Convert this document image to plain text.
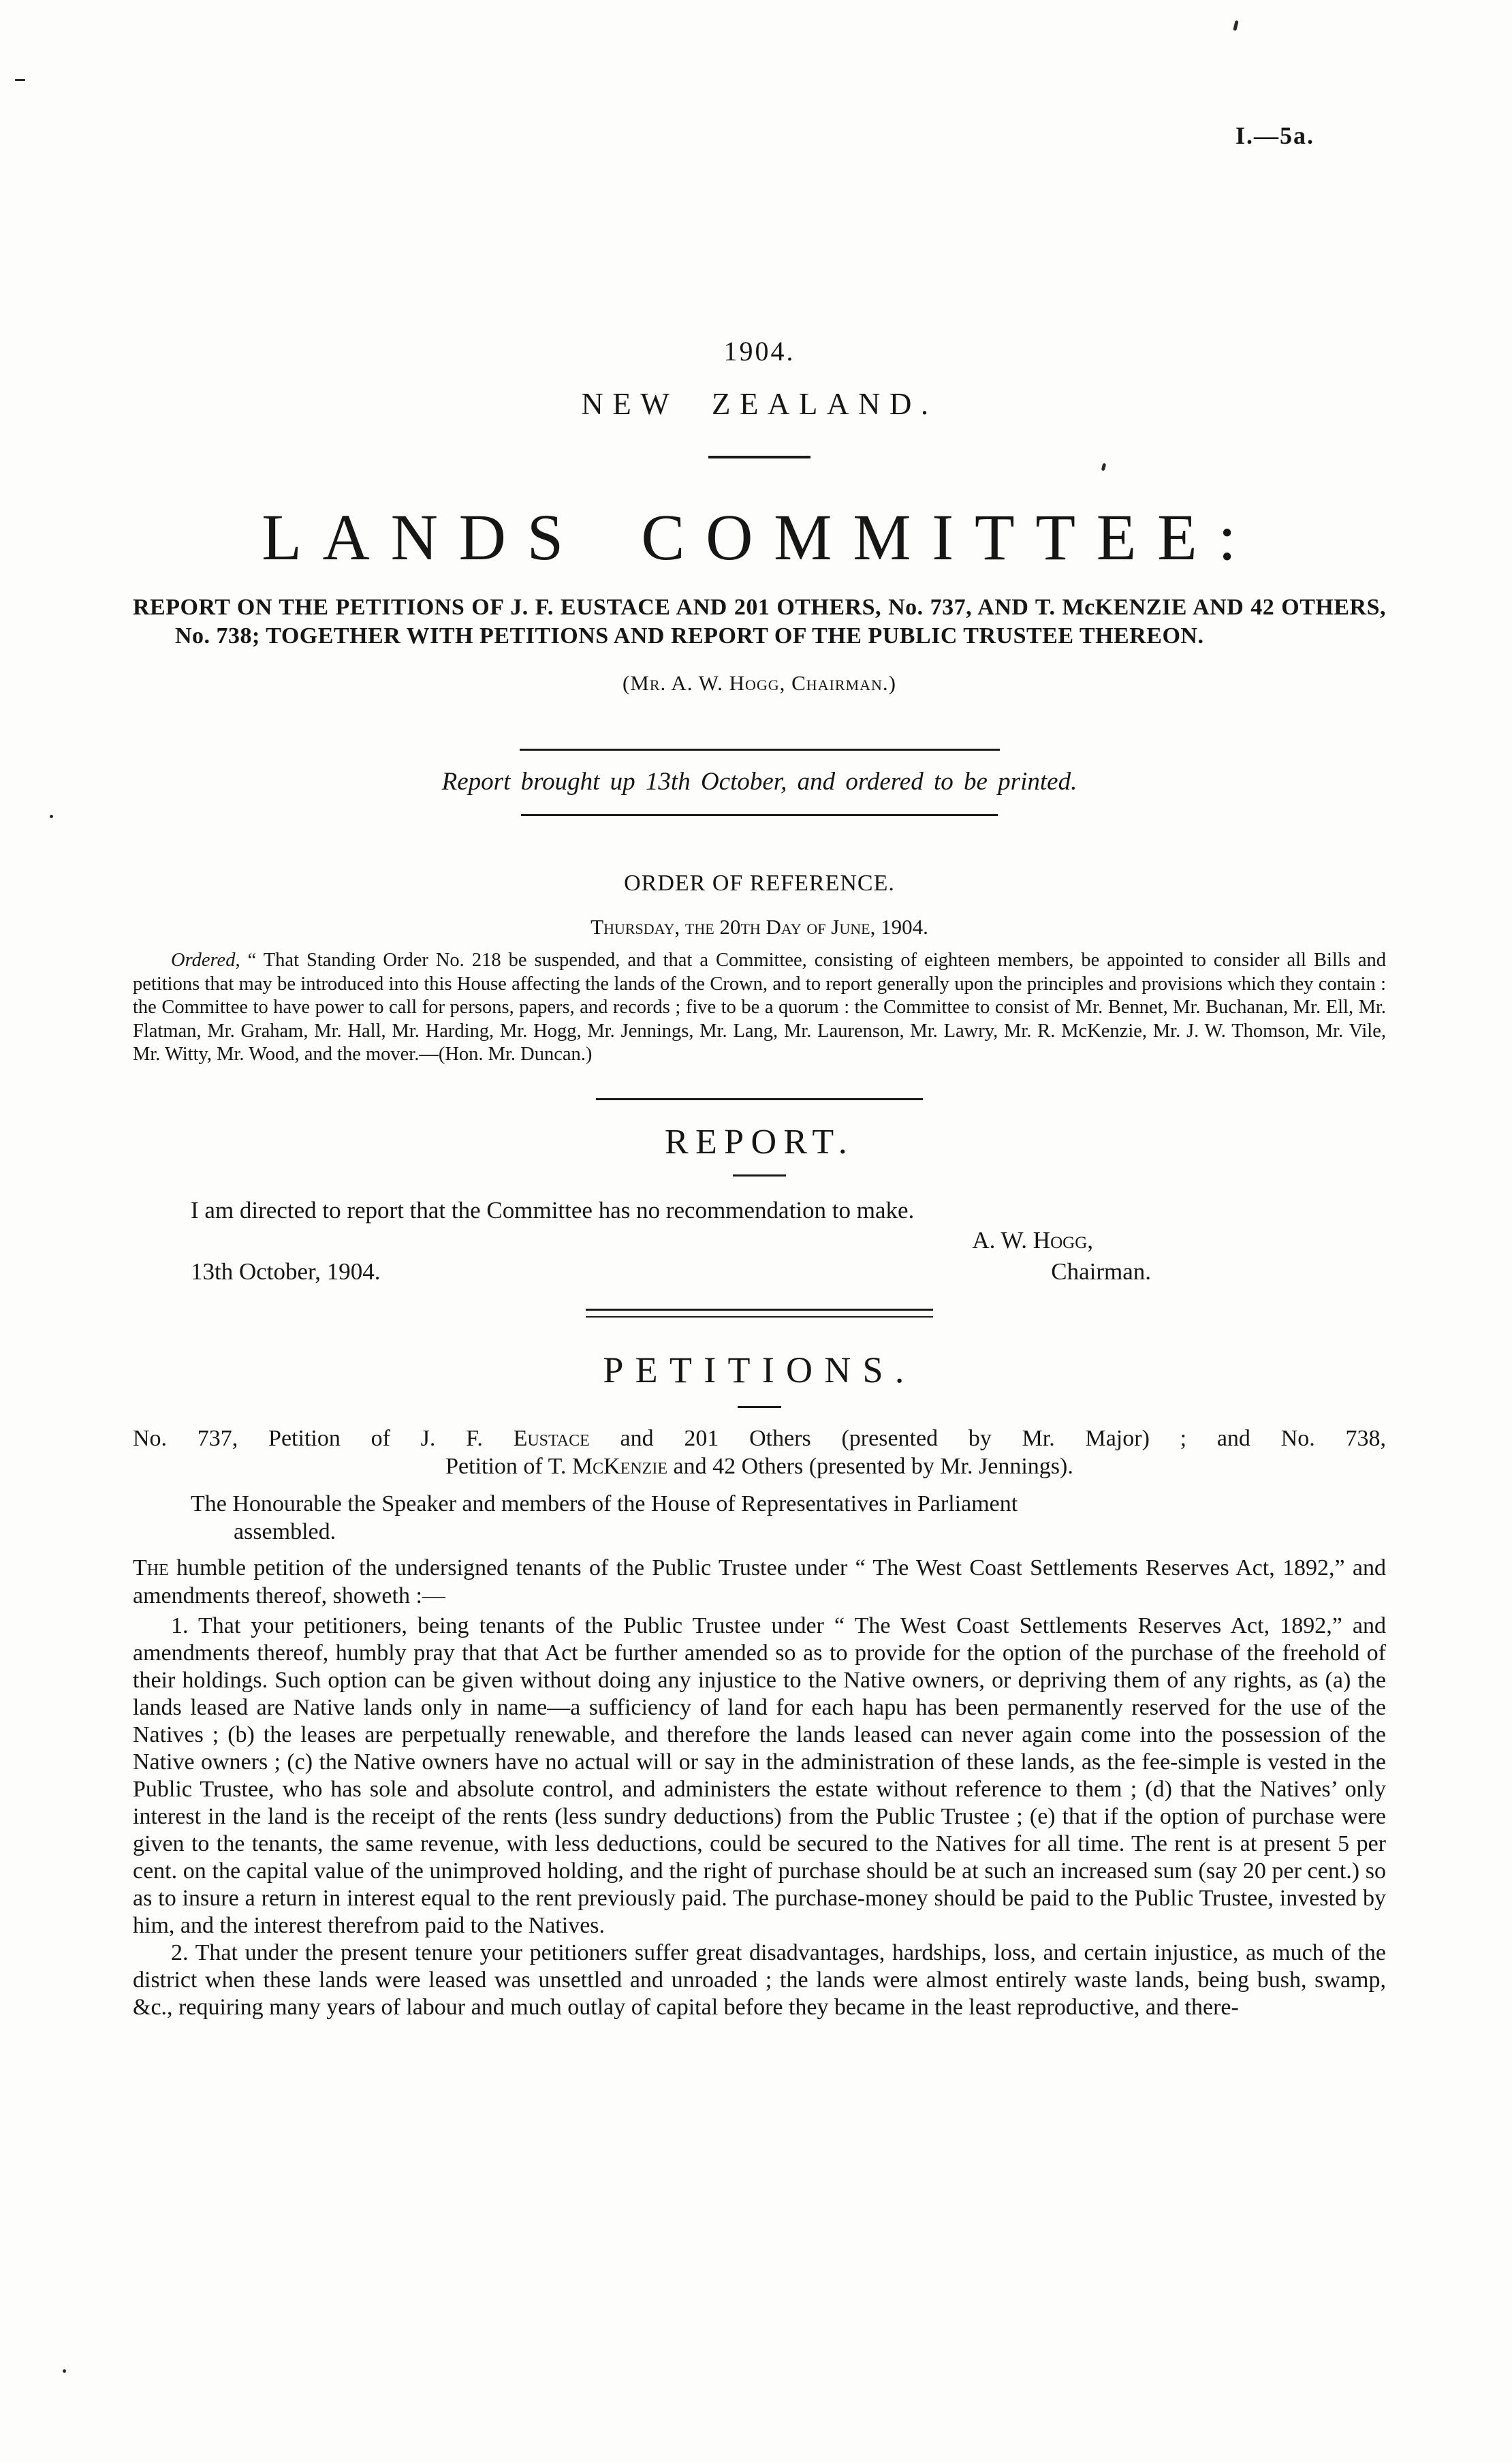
I.—5a.
1904.
NEW ZEALAND.
LANDS COMMITTEE:

REPORT ON THE PETITIONS OF J. F. EUSTACE AND 201 OTHERS, No. 737, AND T. McKENZIE AND 42 OTHERS, No. 738; TOGETHER WITH PETITIONS AND REPORT OF THE PUBLIC TRUSTEE THEREON.

(Mr. A. W. Hogg, Chairman.)

Report brought up 13th October, and ordered to be printed.

ORDER OF REFERENCE.

Thursday, the 20th Day of June, 1904.

Ordered, “ That Standing Order No. 218 be suspended, and that a Committee, consisting of eighteen members, be appointed to consider all Bills and petitions that may be introduced into this House affecting the lands of the Crown, and to report generally upon the principles and provisions which they contain : the Committee to have power to call for persons, papers, and records ; five to be a quorum : the Committee to consist of Mr. Bennet, Mr. Buchanan, Mr. Ell, Mr. Flatman, Mr. Graham, Mr. Hall, Mr. Harding, Mr. Hogg, Mr. Jennings, Mr. Lang, Mr. Laurenson, Mr. Lawry, Mr. R. McKenzie, Mr. J. W. Thomson, Mr. Vile, Mr. Witty, Mr. Wood, and the mover.—(Hon. Mr. Duncan.)

REPORT.

I am directed to report that the Committee has no recommendation to make.

A. W. Hogg,
13th October, 1904.	Chairman.
PETITIONS.

No. 737, Petition of J. F. Eustace and 201 Others (presented by Mr. Major) ; and No. 738,

Petition of T. McKenzie and 42 Others (presented by Mr. Jennings).

The Honourable the Speaker and members of the House of Representatives in Parliament

assembled.

The humble petition of the undersigned tenants of the Public Trustee under “ The West Coast Settlements Reserves Act, 1892,” and amendments thereof, showeth :—

1. That your petitioners, being tenants of the Public Trustee under “ The West Coast Settlements Reserves Act, 1892,” and amendments thereof, humbly pray that that Act be further amended so as to provide for the option of the purchase of the freehold of their holdings. Such option can be given without doing any injustice to the Native owners, or depriving them of any rights, as (a) the lands leased are Native lands only in name—a sufficiency of land for each hapu has been permanently reserved for the use of the Natives ; (b) the leases are perpetually renewable, and therefore the lands leased can never again come into the possession of the Native owners ; (c) the Native owners have no actual will or say in the administration of these lands, as the fee-simple is vested in the Public Trustee, who has sole and absolute control, and administers the estate without reference to them ; (d) that the Natives’ only interest in the land is the receipt of the rents (less sundry deductions) from the Public Trustee ; (e) that if the option of purchase were given to the tenants, the same revenue, with less deductions, could be secured to the Natives for all time. The rent is at present 5 per cent. on the capital value of the unimproved holding, and the right of purchase should be at such an increased sum (say 20 per cent.) so as to insure a return in interest equal to the rent previously paid. The purchase-money should be paid to the Public Trustee, invested by him, and the interest therefrom paid to the Natives.

2. That under the present tenure your petitioners suffer great disadvantages, hardships, loss, and certain injustice, as much of the district when these lands were leased was unsettled and unroaded ; the lands were almost entirely waste lands, being bush, swamp, &c., requiring many years of labour and much outlay of capital before they became in the least reproductive, and there-
